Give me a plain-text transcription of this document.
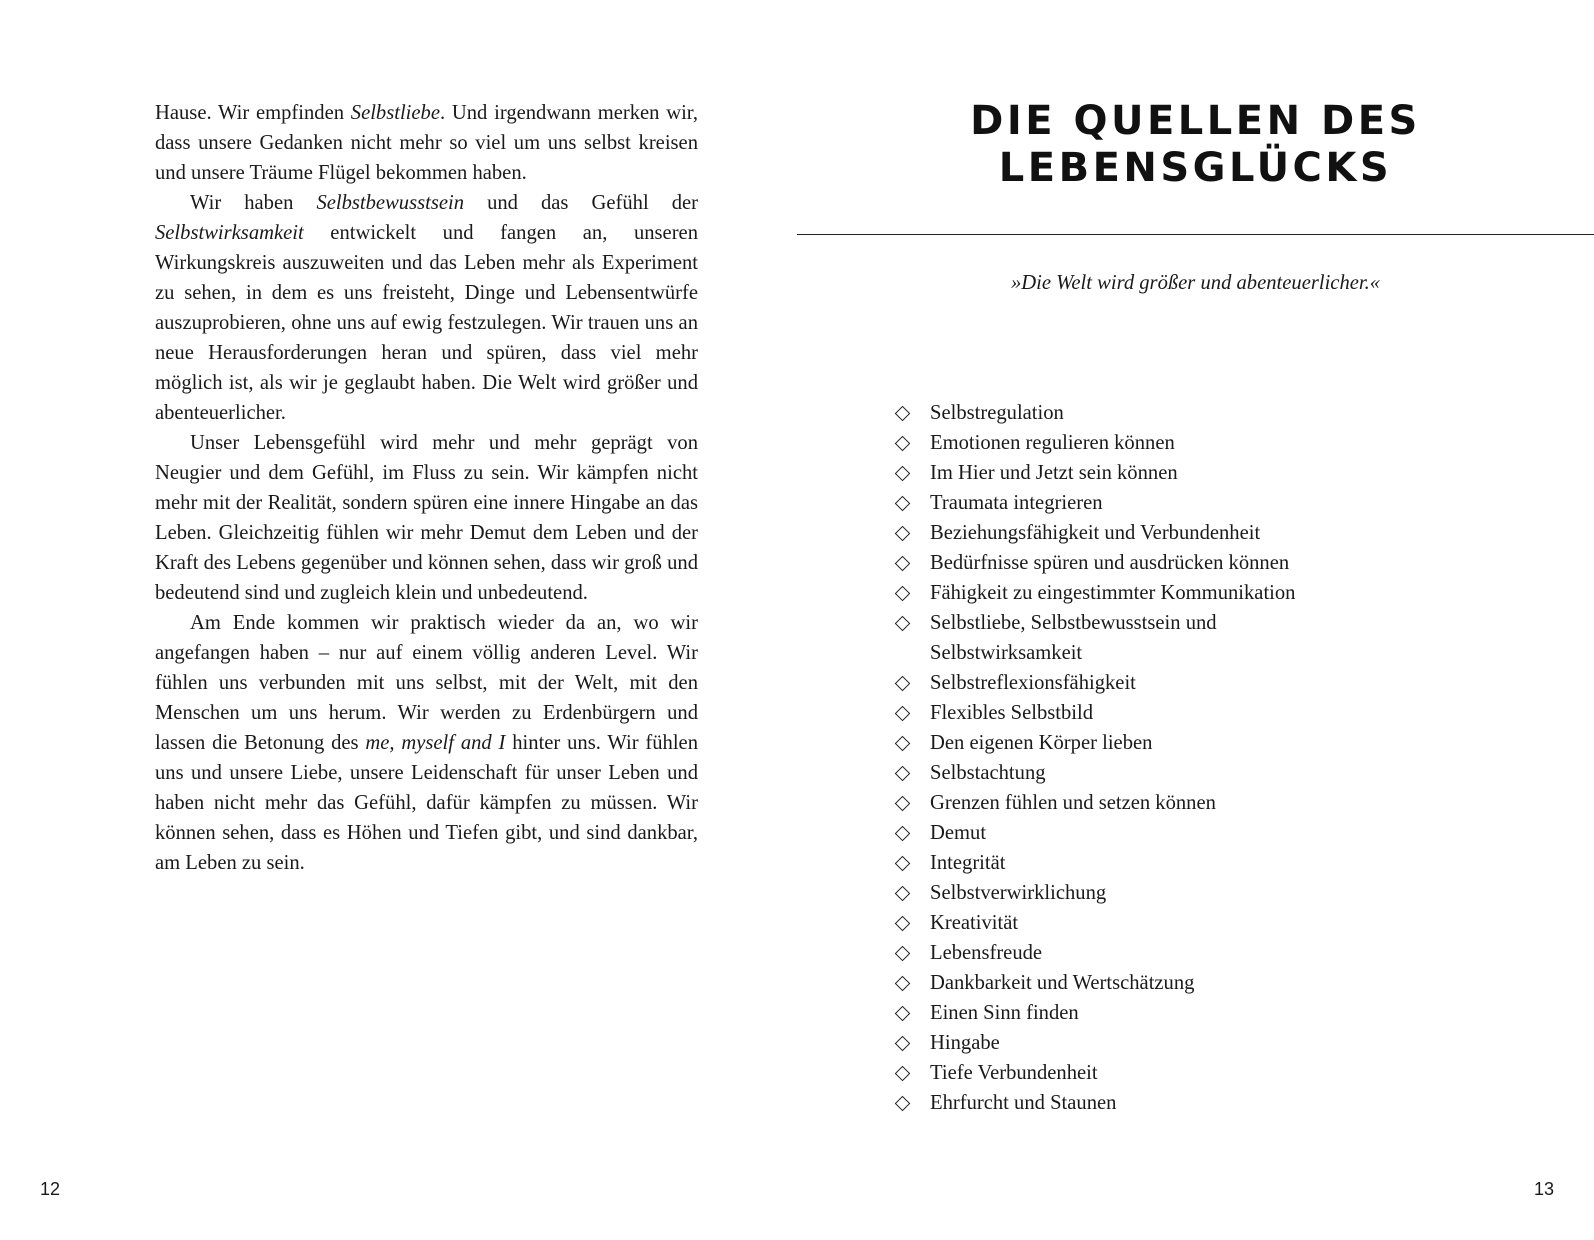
Hause. Wir empfinden Selbstliebe. Und irgendwann merken wir, dass unsere Gedanken nicht mehr so viel um uns selbst kreisen und unsere Träume Flügel bekommen haben.

Wir haben Selbstbewusstsein und das Gefühl der Selbstwirksamkeit entwickelt und fangen an, unseren Wirkungskreis auszuweiten und das Leben mehr als Experiment zu sehen, in dem es uns freisteht, Dinge und Lebensentwürfe auszuprobieren, ohne uns auf ewig festzulegen. Wir trauen uns an neue Herausforderungen heran und spüren, dass viel mehr möglich ist, als wir je geglaubt haben. Die Welt wird größer und abenteuerlicher.

Unser Lebensgefühl wird mehr und mehr geprägt von Neugier und dem Gefühl, im Fluss zu sein. Wir kämpfen nicht mehr mit der Realität, sondern spüren eine innere Hingabe an das Leben. Gleichzeitig fühlen wir mehr Demut dem Leben und der Kraft des Lebens gegenüber und können sehen, dass wir groß und bedeutend sind und zugleich klein und unbedeutend.

Am Ende kommen wir praktisch wieder da an, wo wir angefangen haben – nur auf einem völlig anderen Level. Wir fühlen uns verbunden mit uns selbst, mit der Welt, mit den Menschen um uns herum. Wir werden zu Erdenbürgern und lassen die Betonung des me, myself and I hinter uns. Wir fühlen uns und unsere Liebe, unsere Leidenschaft für unser Leben und haben nicht mehr das Gefühl, dafür kämpfen zu müssen. Wir können sehen, dass es Höhen und Tiefen gibt, und sind dankbar, am Leben zu sein.

12
DIE QUELLEN DES
LEBENSGLÜCKS
»Die Welt wird größer und abenteuerlicher.«
Selbstregulation
Emotionen regulieren können
Im Hier und Jetzt sein können
Traumata integrieren
Beziehungsfähigkeit und Verbundenheit
Bedürfnisse spüren und ausdrücken können
Fähigkeit zu eingestimmter Kommunikation
Selbstliebe, Selbstbewusstsein und Selbstwirksamkeit
Selbstreflexionsfähigkeit
Flexibles Selbstbild
Den eigenen Körper lieben
Selbstachtung
Grenzen fühlen und setzen können
Demut
Integrität
Selbstverwirklichung
Kreativität
Lebensfreude
Dankbarkeit und Wertschätzung
Einen Sinn finden
Hingabe
Tiefe Verbundenheit
Ehrfurcht und Staunen
13
